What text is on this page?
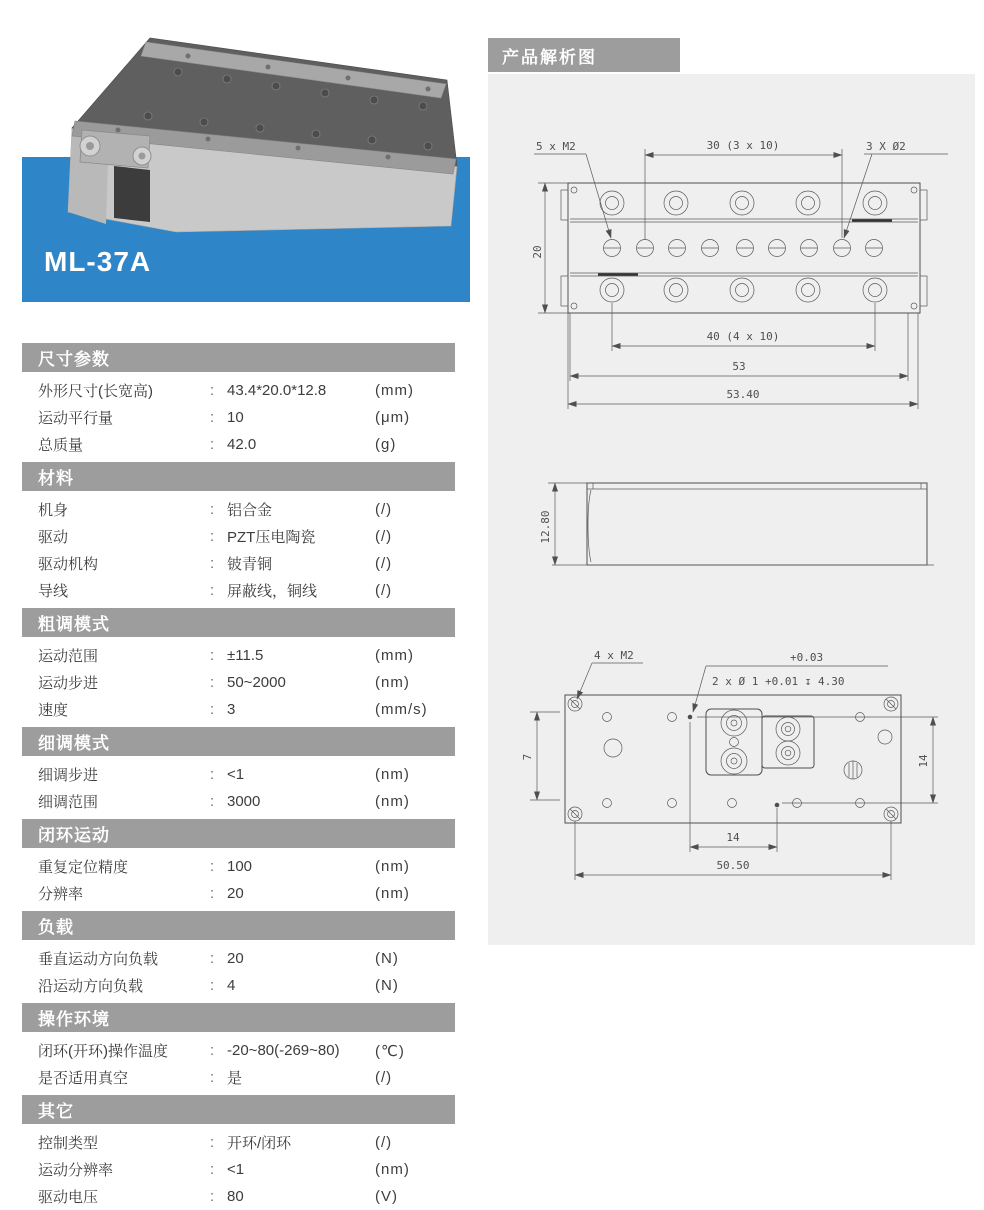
ML-37A
尺寸参数
外形尺寸(长宽高)	: 43.4*20.0*12.8	(mm)
运动平行量	: 10	(μm)
总质量	: 42.0	(g)
材料
机身	: 铝合金	(/)
驱动	: PZT压电陶瓷	(/)
驱动机构	: 铍青铜	(/)
导线	: 屏蔽线，铜线	(/)
粗调模式
运动范围	: ±11.5	(mm)
运动步进	: 50~2000	(nm)
速度	: 3	(mm/s)
细调模式
细调步进	: <1	(nm)
细调范围	: 3000	(nm)
闭环运动
重复定位精度	: 100	(nm)
分辨率	: 20	(nm)
负载
垂直运动方向负载	: 20	(N)
沿运动方向负载	: 4	(N)
操作环境
闭环(开环)操作温度	: -20~80(-269~80)	(℃)
是否适用真空	: 是	(/)
其它
控制类型	: 开环/闭环	(/)
运动分辨率	: <1	(nm)
驱动电压	: 80	(V)
产品解析图
20
30 (3 x 10)
5 x M2	3 X Ø2
40 (4 x 10)
53
53.40
12.80
4 x M2	+0.03
2 x Ø 1 +0.01 ↧ 4.30
7	14
14
50.50
